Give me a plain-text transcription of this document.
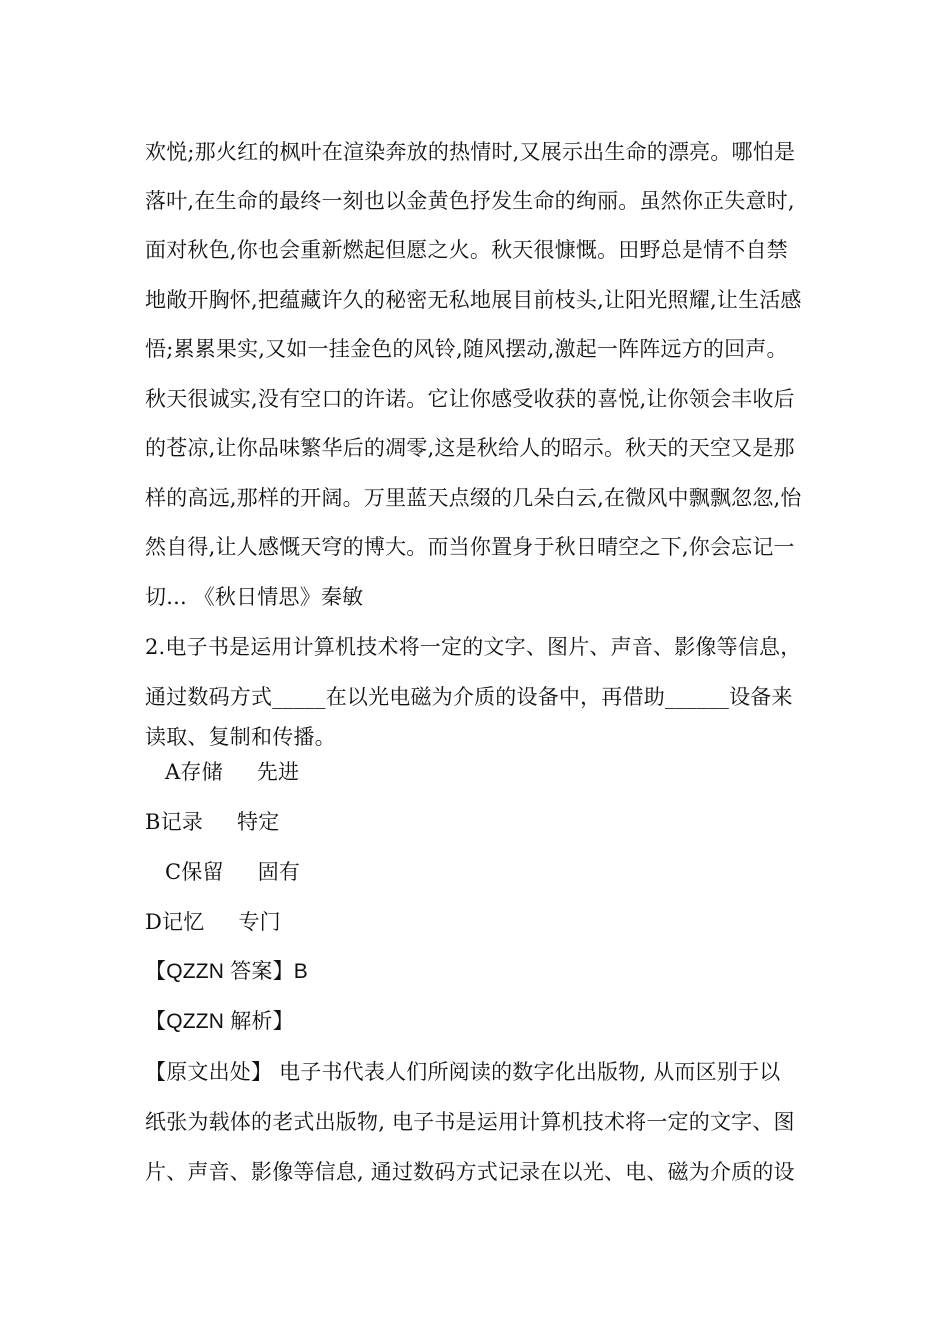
欢悦;那火红的枫叶在渲染奔放的热情时,又展示出生命的漂亮。哪怕是
落叶,在生命的最终一刻也以金黄色抒发生命的绚丽。虽然你正失意时,
面对秋色,你也会重新燃起但愿之火。秋天很慷慨。田野总是情不自禁
地敞开胸怀,把蕴藏许久的秘密无私地展目前枝头,让阳光照耀,让生活感
悟;累累果实,又如一挂金色的风铃,随风摆动,激起一阵阵远方的回声。
秋天很诚实,没有空口的许诺。它让你感受收获的喜悦,让你领会丰收后
的苍凉,让你品味繁华后的凋零,这是秋给人的昭示。秋天的天空又是那
样的高远,那样的开阔。万里蓝天点缀的几朵白云,在微风中飘飘忽忽,怡
然自得,让人感慨天穹的博大。而当你置身于秋日晴空之下,你会忘记一
切... 《秋日情思》秦敏
2.电子书是运用计算机技术将一定的文字、图片、声音、影像等信息，
通过数码方式_____在以光电磁为介质的设备中，再借助______设备来
读取、复制和传播。
A存储 先进
B记录 特定
C保留 固有
D记忆 专门
【QZZN 答案】B
【QZZN 解析】
【原文出处】 电子书代表人们所阅读的数字化出版物, 从而区别于以
纸张为载体的老式出版物, 电子书是运用计算机技术将一定的文字、图
片、声音、影像等信息, 通过数码方式记录在以光、电、磁为介质的设
